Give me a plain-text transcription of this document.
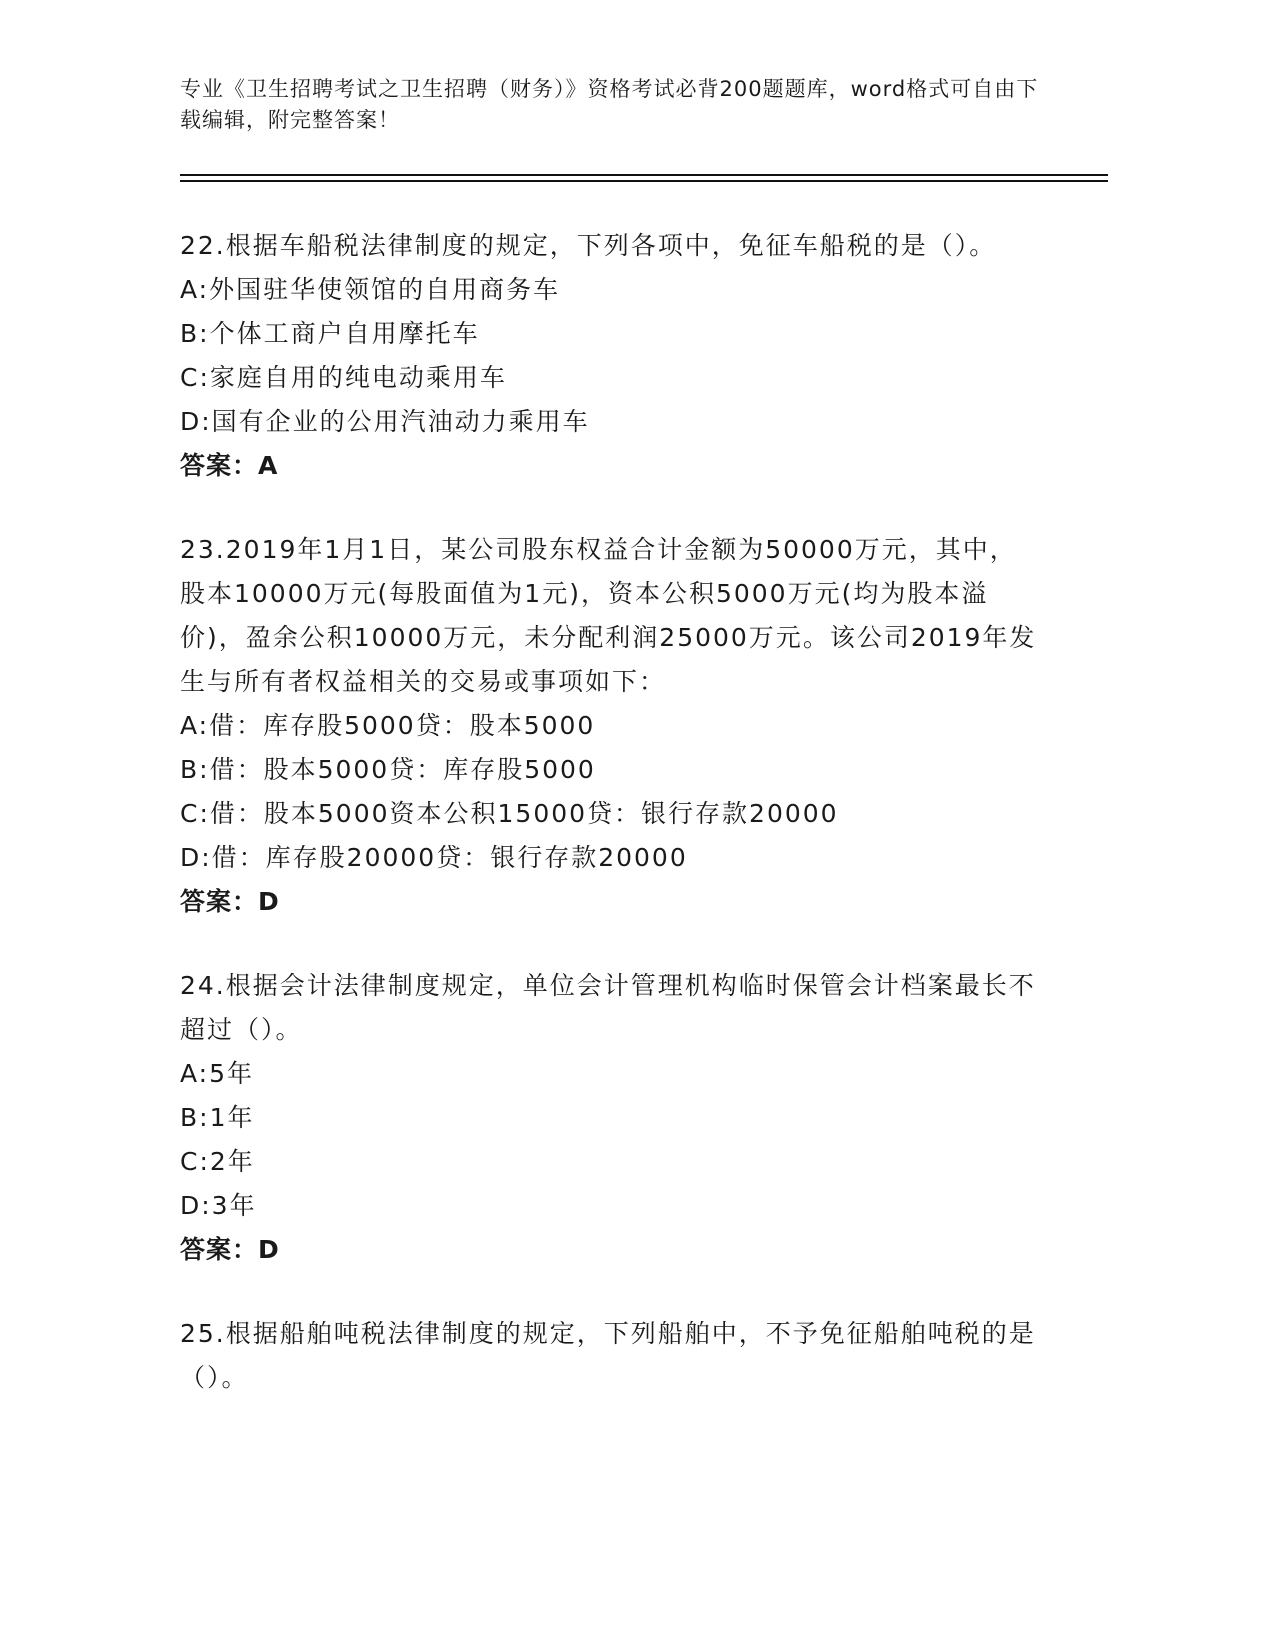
专业《卫生招聘考试之卫生招聘（财务）》资格考试必背200题题库，word格式可自由下载编辑，附完整答案！
22.根据车船税法律制度的规定，下列各项中，免征车船税的是（）。
A:外国驻华使领馆的自用商务车
B:个体工商户自用摩托车
C:家庭自用的纯电动乘用车
D:国有企业的公用汽油动力乘用车
答案：A
23.2019年1月1日，某公司股东权益合计金额为50000万元，其中，股本10000万元(每股面值为1元)，资本公积5000万元(均为股本溢价)，盈余公积10000万元，未分配利润25000万元。该公司2019年发生与所有者权益相关的交易或事项如下：
A:借：库存股5000贷：股本5000
B:借：股本5000贷：库存股5000
C:借：股本5000资本公积15000贷：银行存款20000
D:借：库存股20000贷：银行存款20000
答案：D
24.根据会计法律制度规定，单位会计管理机构临时保管会计档案最长不超过（）。
A:5年
B:1年
C:2年
D:3年
答案：D
25.根据船舶吨税法律制度的规定，下列船舶中，不予免征船舶吨税的是（）。
